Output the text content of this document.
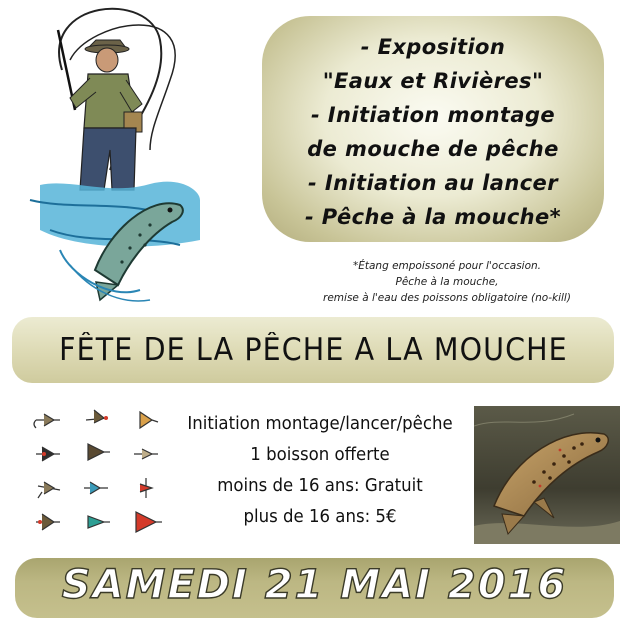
- Exposition
"Eaux et Rivières"
- Initiation montage
de mouche de pêche
- Initiation au lancer
- Pêche à la mouche*
*Étang empoissoné pour l'occasion.
Pêche à la mouche,
remise à l'eau des poissons obligatoire (no-kill)
FÊTE DE LA PÊCHE A LA MOUCHE
Initiation montage/lancer/pêche
1 boisson offerte
moins de 16 ans: Gratuit
plus de 16 ans: 5€
SAMEDI 21 MAI 2016
